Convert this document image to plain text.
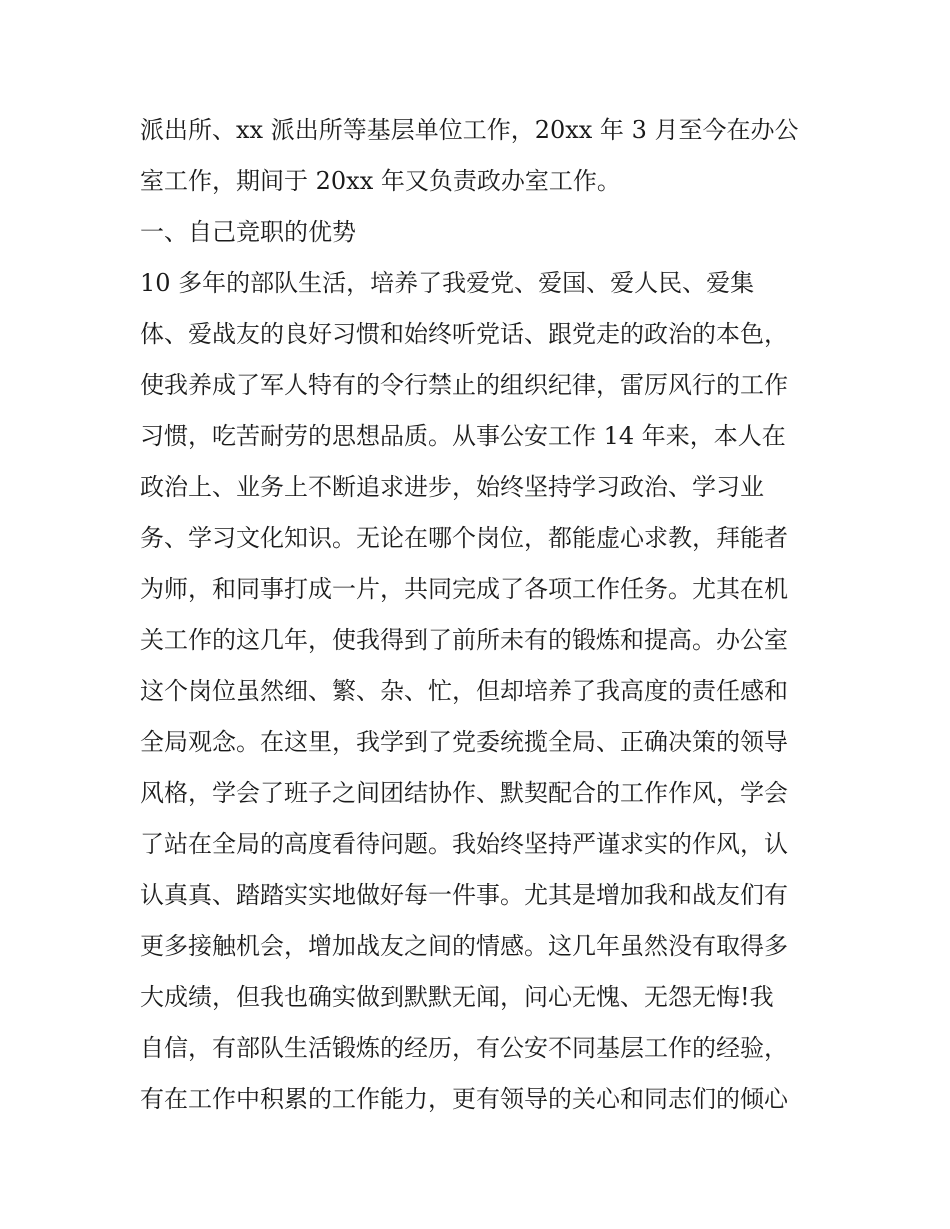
派出所、xx 派出所等基层单位工作，20xx 年 3 月至今在办公
室工作，期间于 20xx 年又负责政办室工作。
一、自己竞职的优势
10 多年的部队生活，培养了我爱党、爱国、爱人民、爱集
体、爱战友的良好习惯和始终听党话、跟党走的政治的本色，
使我养成了军人特有的令行禁止的组织纪律，雷厉风行的工作
习惯，吃苦耐劳的思想品质。从事公安工作 14 年来，本人在
政治上、业务上不断追求进步，始终坚持学习政治、学习业
务、学习文化知识。无论在哪个岗位，都能虚心求教，拜能者
为师，和同事打成一片，共同完成了各项工作任务。尤其在机
关工作的这几年，使我得到了前所未有的锻炼和提高。办公室
这个岗位虽然细、繁、杂、忙，但却培养了我高度的责任感和
全局观念。在这里，我学到了党委统揽全局、正确决策的领导
风格，学会了班子之间团结协作、默契配合的工作作风，学会
了站在全局的高度看待问题。我始终坚持严谨求实的作风，认
认真真、踏踏实实地做好每一件事。尤其是增加我和战友们有
更多接触机会，增加战友之间的情感。这几年虽然没有取得多
大成绩，但我也确实做到默默无闻，问心无愧、无怨无悔!我
自信，有部队生活锻炼的经历，有公安不同基层工作的经验，
有在工作中积累的工作能力，更有领导的关心和同志们的倾心
